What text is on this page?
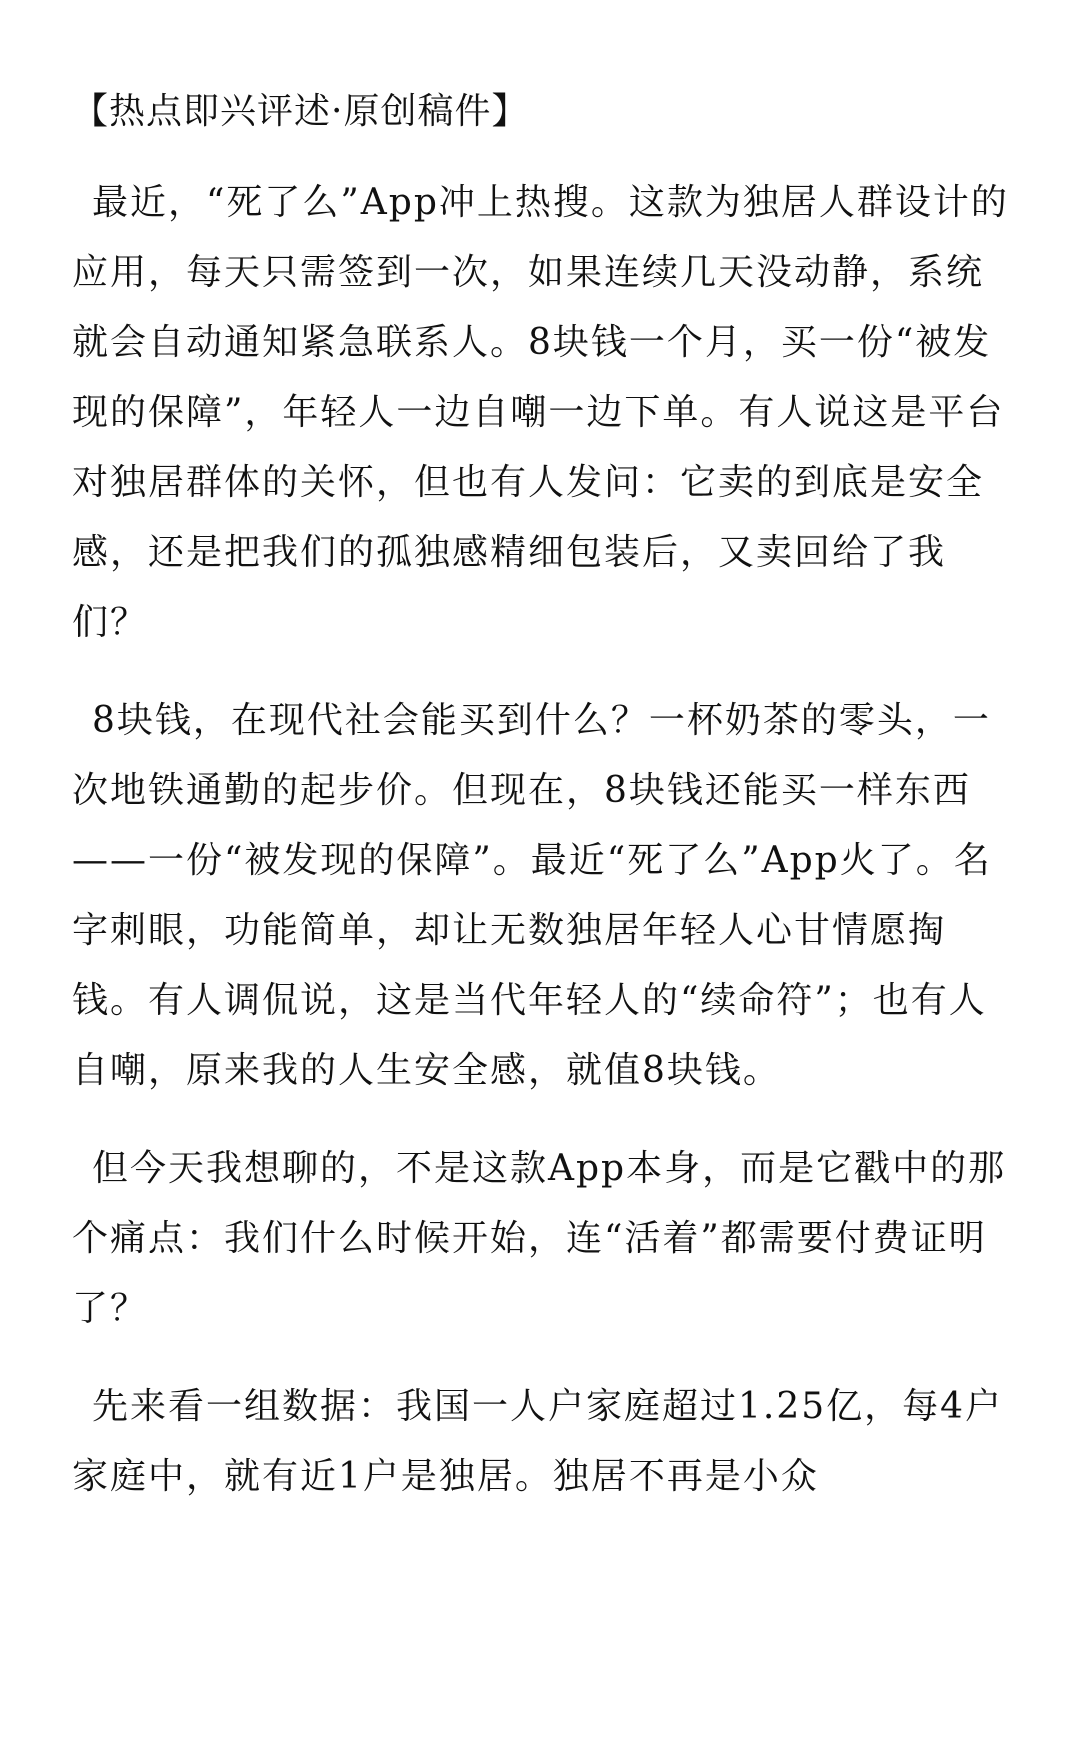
【热点即兴评述·原创稿件】

最近，“死了么”App冲上热搜。这款为独居人群设计的应用，每天只需签到一次，如果连续几天没动静，系统就会自动通知紧急联系人。8块钱一个月，买一份“被发现的保障”，年轻人一边自嘲一边下单。有人说这是平台对独居群体的关怀，但也有人发问：它卖的到底是安全感，还是把我们的孤独感精细包装后，又卖回给了我们？

8块钱，在现代社会能买到什么？一杯奶茶的零头，一次地铁通勤的起步价。但现在，8块钱还能买一样东西——一份“被发现的保障”。最近“死了么”App火了。名字刺眼，功能简单，却让无数独居年轻人心甘情愿掏钱。有人调侃说，这是当代年轻人的“续命符”；也有人自嘲，原来我的人生安全感，就值8块钱。

但今天我想聊的，不是这款App本身，而是它戳中的那个痛点：我们什么时候开始，连“活着”都需要付费证明了？

先来看一组数据：我国一人户家庭超过1.25亿，每4户家庭中，就有近1户是独居。独居不再是小众
